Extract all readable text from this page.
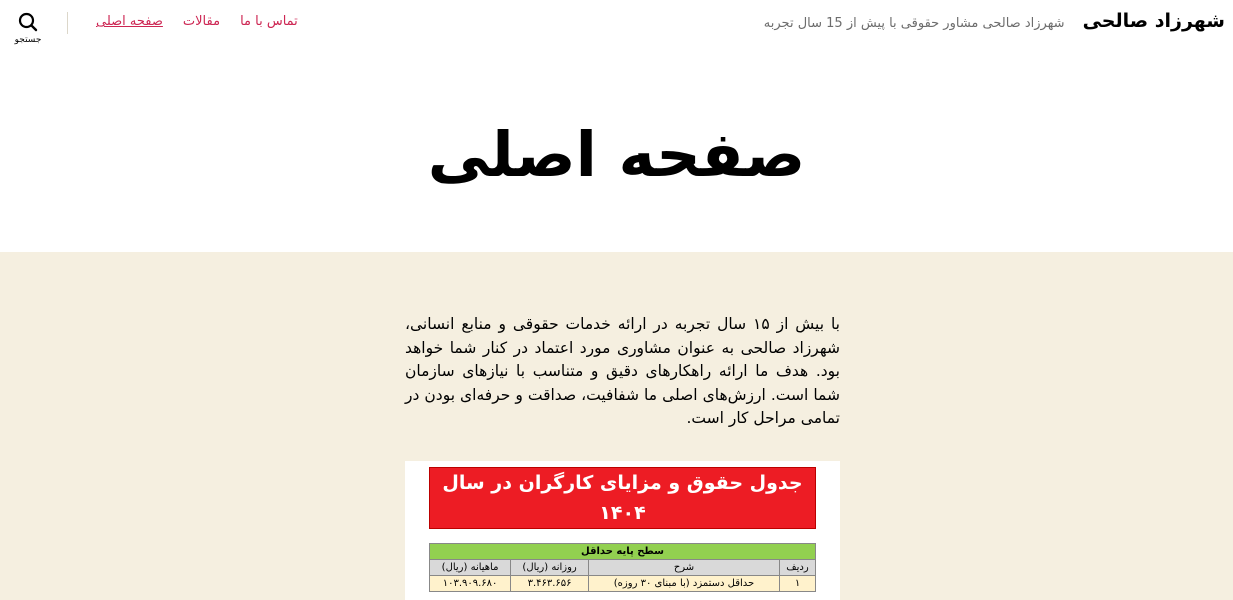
شهرزاد صالحی
شهرزاد صالحی مشاور حقوقی با پیش از 15 سال تجربه
صفحه اصلی مقالات تماس با ما
جستجو
صفحه اصلی

با بیش از ۱۵ سال تجربه در ارائه خدمات حقوقی و منابع انسانی، شهرزاد صالحی به عنوان مشاوری مورد اعتماد در کنار شما خواهد بود. هدف ما ارائه راهکارهای دقیق و متناسب با نیازهای سازمان شما است. ارزش‌های اصلی ما شفافیت، صداقت و حرفه‌ای بودن در تمامی مراحل کار است.

جدول حقوق و مزایای کارگران در سال ۱۴۰۴
سطح پایه حداقل			
ردیف	شرح	روزانه (ریال)	ماهیانه (ریال)
۱	حداقل دستمزد (با مبنای ۳۰ روزه)	۳.۴۶۳.۶۵۶	۱۰۳.۹۰۹.۶۸۰
